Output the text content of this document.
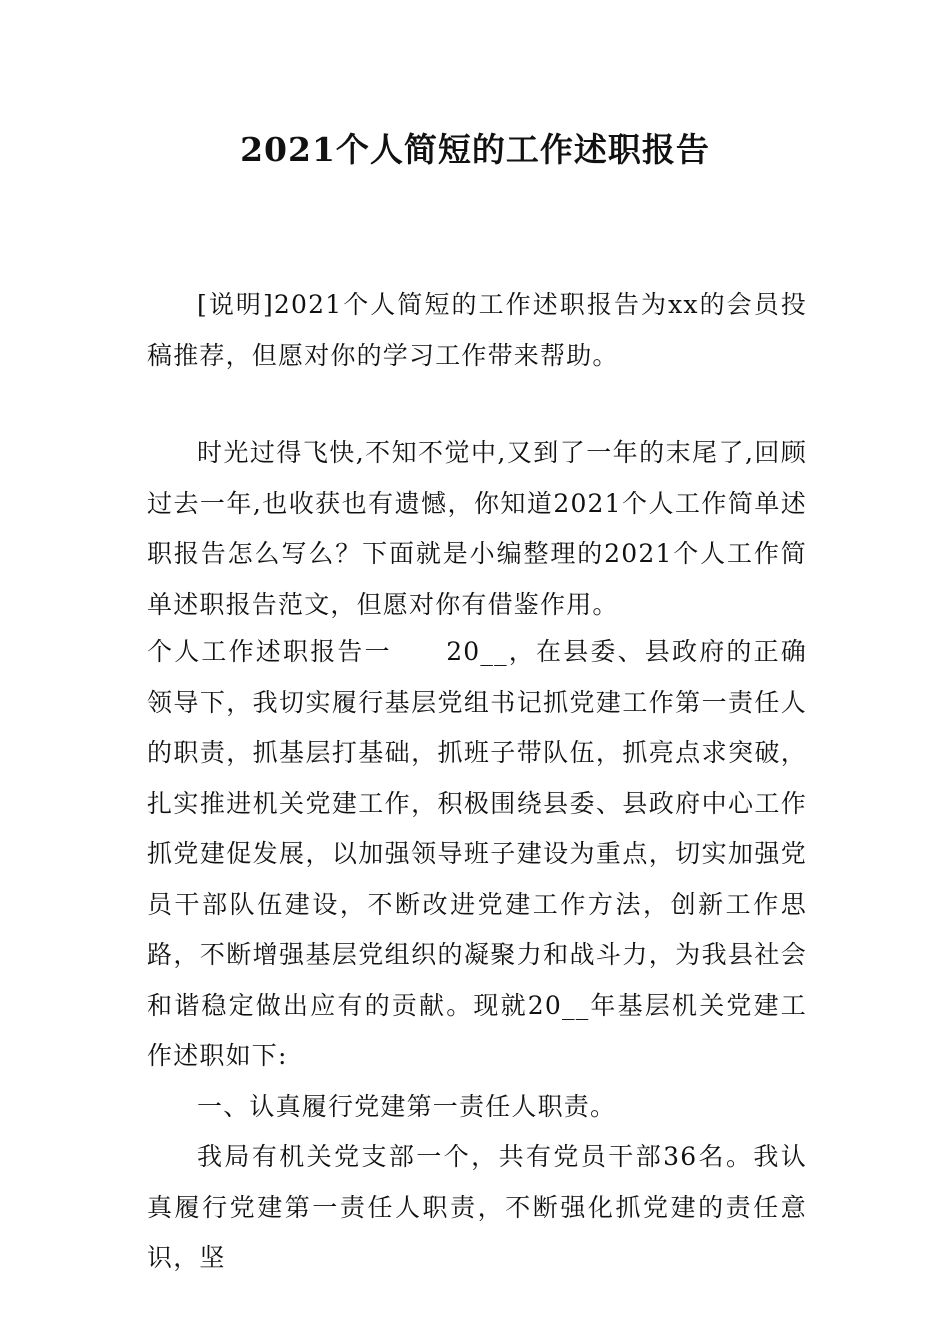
2021个人简短的工作述职报告

[说明]2021个人简短的工作述职报告为xx的会员投稿推荐，但愿对你的学习工作带来帮助。

时光过得飞快,不知不觉中,又到了一年的末尾了,回顾过去一年,也收获也有遗憾，你知道2021个人工作简单述职报告怎么写么？下面就是小编整理的2021个人工作简单述职报告范文，但愿对你有借鉴作用。

个人工作述职报告一　　20__，在县委、县政府的正确领导下，我切实履行基层党组书记抓党建工作第一责任人的职责，抓基层打基础，抓班子带队伍，抓亮点求突破，扎实推进机关党建工作，积极围绕县委、县政府中心工作抓党建促发展，以加强领导班子建设为重点，切实加强党员干部队伍建设，不断改进党建工作方法，创新工作思路，不断增强基层党组织的凝聚力和战斗力，为我县社会和谐稳定做出应有的贡献。现就20__年基层机关党建工作述职如下:

一、认真履行党建第一责任人职责。

我局有机关党支部一个，共有党员干部36名。我认真履行党建第一责任人职责，不断强化抓党建的责任意识，坚
